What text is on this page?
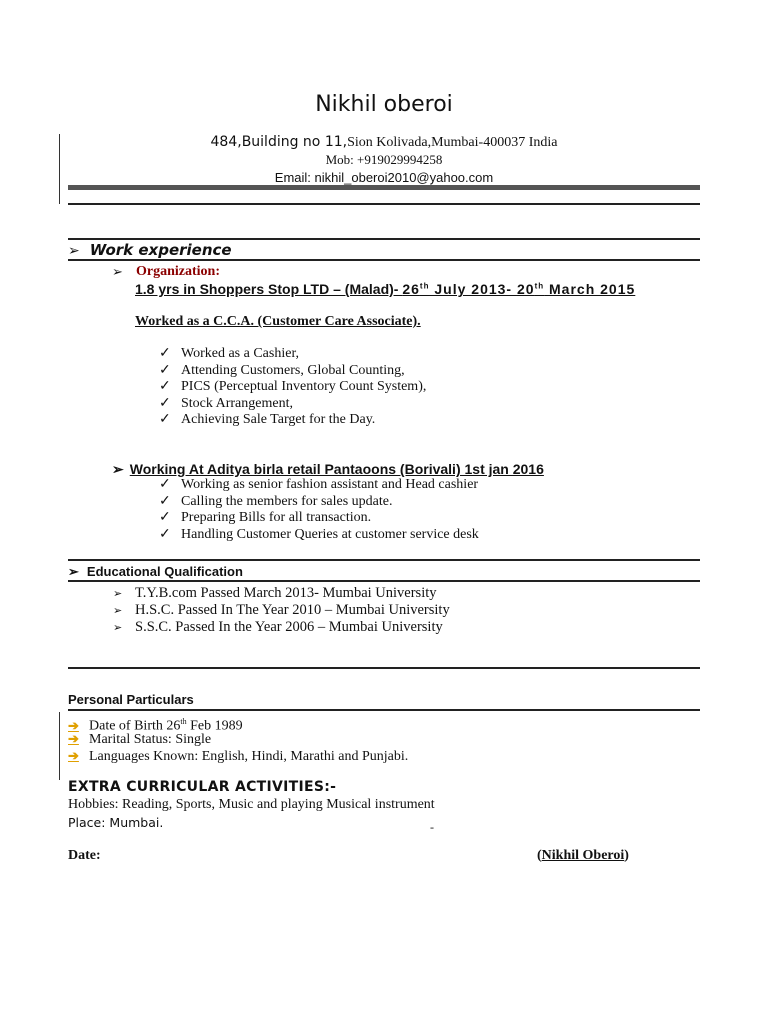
Nikhil oberoi
484,Building no 11,Sion Kolivada,Mumbai-400037 India
Mob: +919029994258
Email: nikhil_oberoi2010@yahoo.com
➢ Work experience
➢ Organization:
1.8 yrs in Shoppers Stop LTD – (Malad)- 26th July 2013- 20th March 2015
Worked as a C.C.A. (Customer Care Associate).
✓ Worked as a Cashier,
✓ Attending Customers, Global Counting,
✓ PICS (Perceptual Inventory Count System),
✓ Stock Arrangement,
✓ Achieving Sale Target for the Day.
➢ Working At Aditya birla retail Pantaoons (Borivali) 1st jan 2016
✓ Working as senior fashion assistant and Head cashier
✓ Calling the members for sales update.
✓ Preparing Bills for all transaction.
✓ Handling Customer Queries at customer service desk
➢ Educational Qualification
➢ T.Y.B.com Passed March 2013- Mumbai University
➢ H.S.C. Passed In The Year 2010 – Mumbai University
➢ S.S.C. Passed In the Year 2006 – Mumbai University
Personal Particulars
➔ Date of Birth 26th Feb 1989
➔ Marital Status: Single
➔ Languages Known: English, Hindi, Marathi and Punjabi.
EXTRA CURRICULAR ACTIVITIES:-
Hobbies: Reading, Sports, Music and playing Musical instrument
Place: Mumbai.	-
Date:	(Nikhil Oberoi)
